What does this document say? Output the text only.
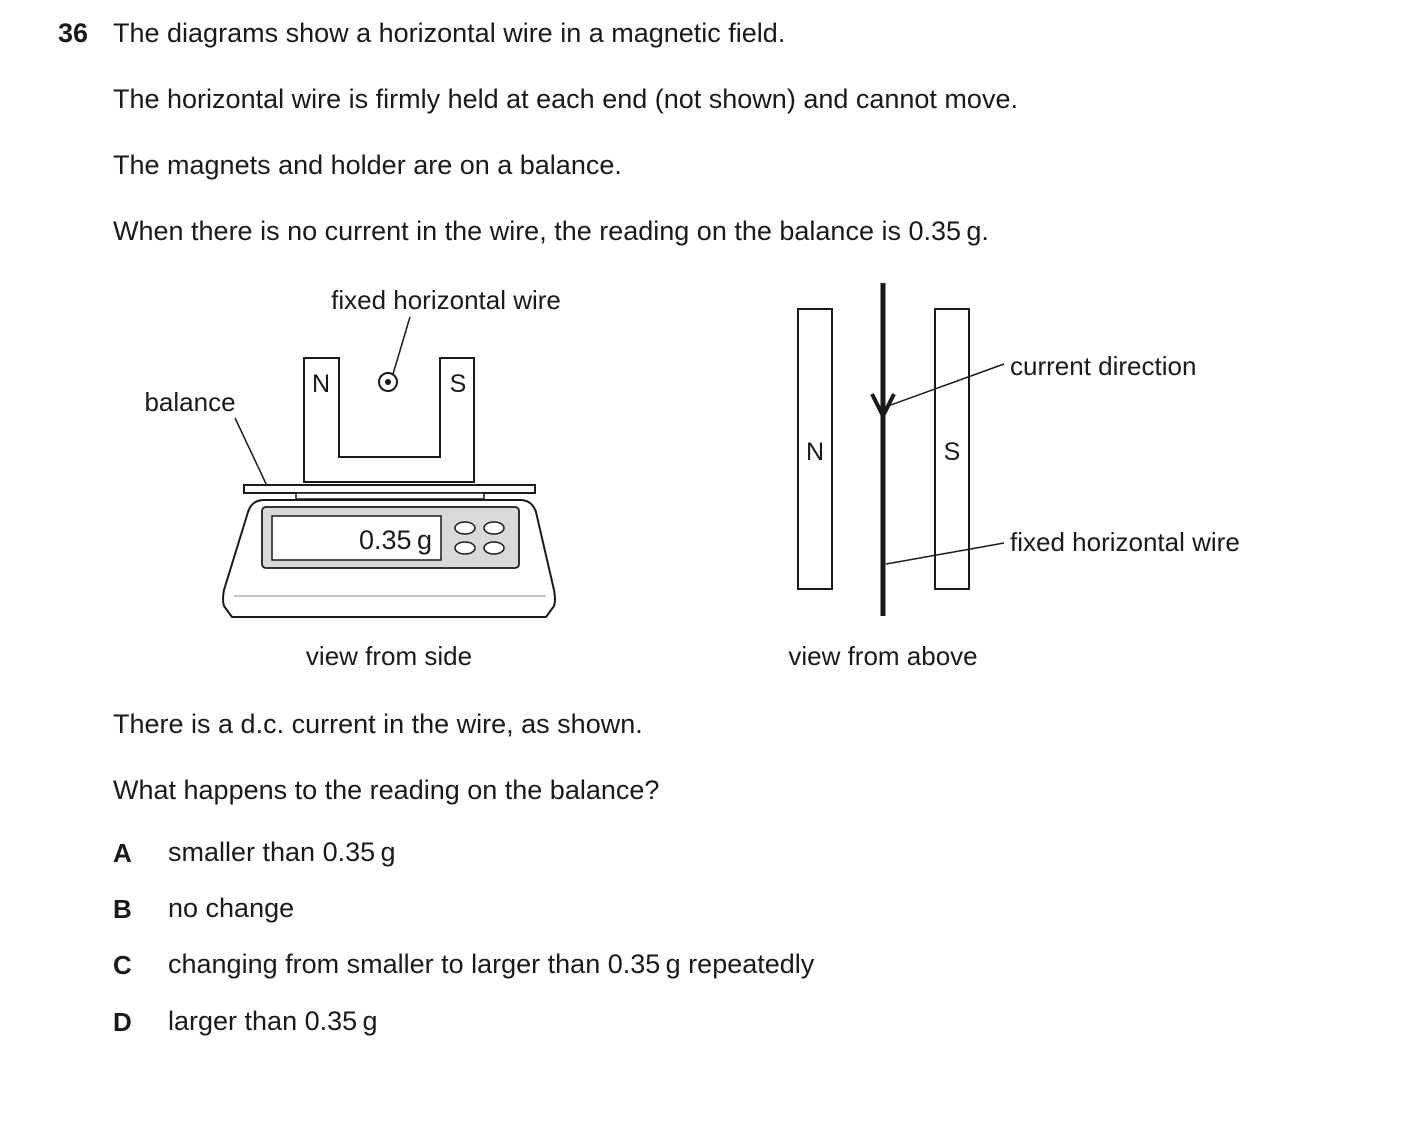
36 The diagrams show a horizontal wire in a magnetic field.
The horizontal wire is firmly held at each end (not shown) and cannot move.
The magnets and holder are on a balance.
When there is no current in the wire, the reading on the balance is 0.35 g.
fixed horizontal wire
N	S
balance
0.35 g
view from side
N	S
current direction
fixed horizontal wire
view from above
There is a d.c. current in the wire, as shown.
What happens to the reading on the balance?
A smaller than 0.35 g
B no change
C changing from smaller to larger than 0.35 g repeatedly
D larger than 0.35 g
